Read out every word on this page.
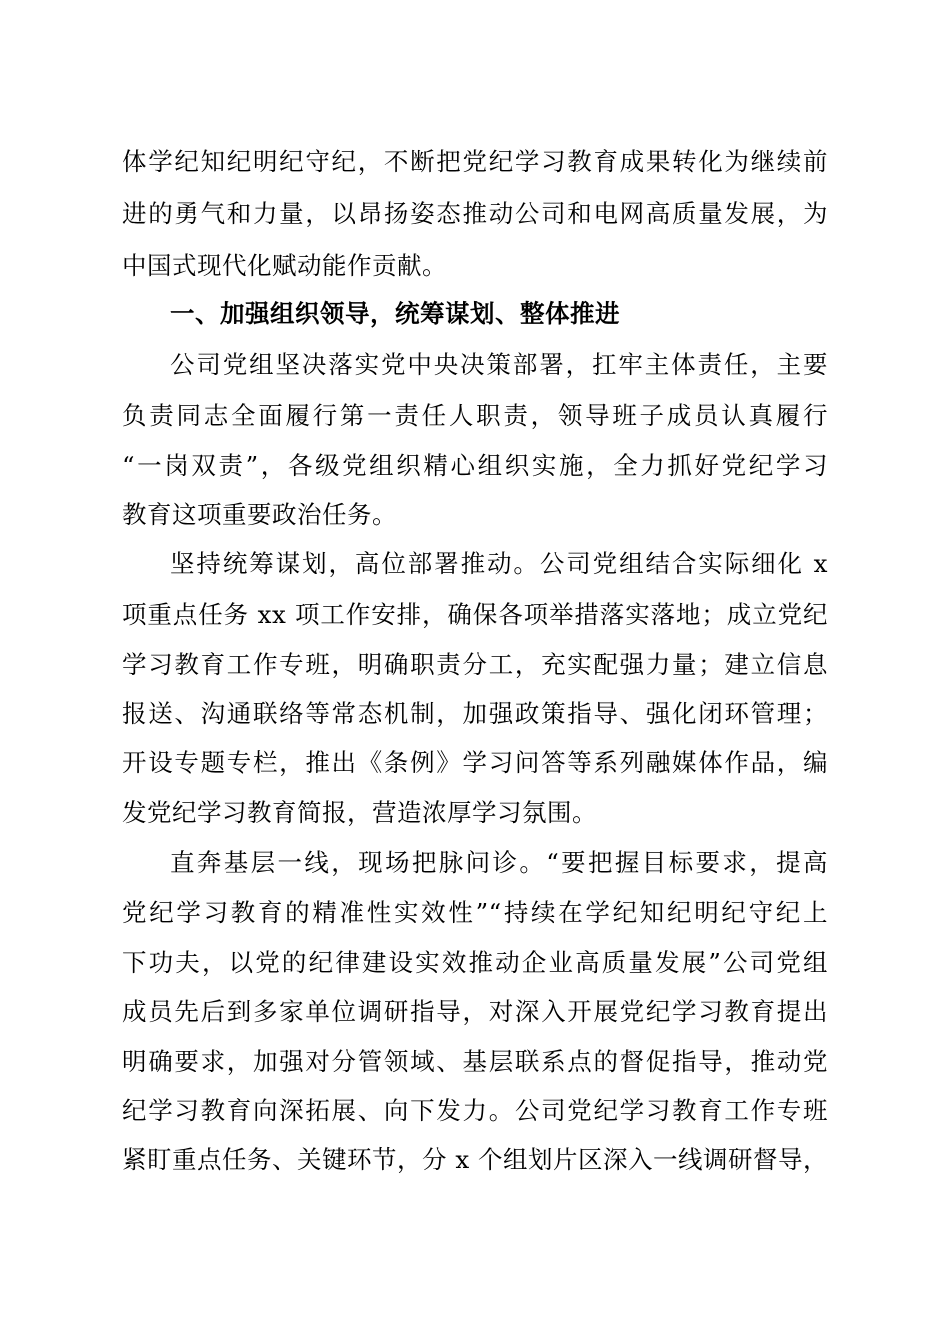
体学纪知纪明纪守纪，不断把党纪学习教育成果转化为继续前
进的勇气和力量，以昂扬姿态推动公司和电网高质量发展，为
中国式现代化赋动能作贡献。
一、加强组织领导，统筹谋划、整体推进
公司党组坚决落实党中央决策部署，扛牢主体责任，主要
负责同志全面履行第一责任人职责，领导班子成员认真履行
“一岗双责”，各级党组织精心组织实施，全力抓好党纪学习
教育这项重要政治任务。
坚持统筹谋划，高位部署推动。公司党组结合实际细化 x
项重点任务 xx 项工作安排，确保各项举措落实落地；成立党纪
学习教育工作专班，明确职责分工，充实配强力量；建立信息
报送、沟通联络等常态机制，加强政策指导、强化闭环管理；
开设专题专栏，推出《条例》学习问答等系列融媒体作品，编
发党纪学习教育简报，营造浓厚学习氛围。
直奔基层一线，现场把脉问诊。“要把握目标要求，提高
党纪学习教育的精准性实效性”“持续在学纪知纪明纪守纪上
下功夫，以党的纪律建设实效推动企业高质量发展”公司党组
成员先后到多家单位调研指导，对深入开展党纪学习教育提出
明确要求，加强对分管领域、基层联系点的督促指导，推动党
纪学习教育向深拓展、向下发力。公司党纪学习教育工作专班
紧盯重点任务、关键环节，分 x 个组划片区深入一线调研督导，
